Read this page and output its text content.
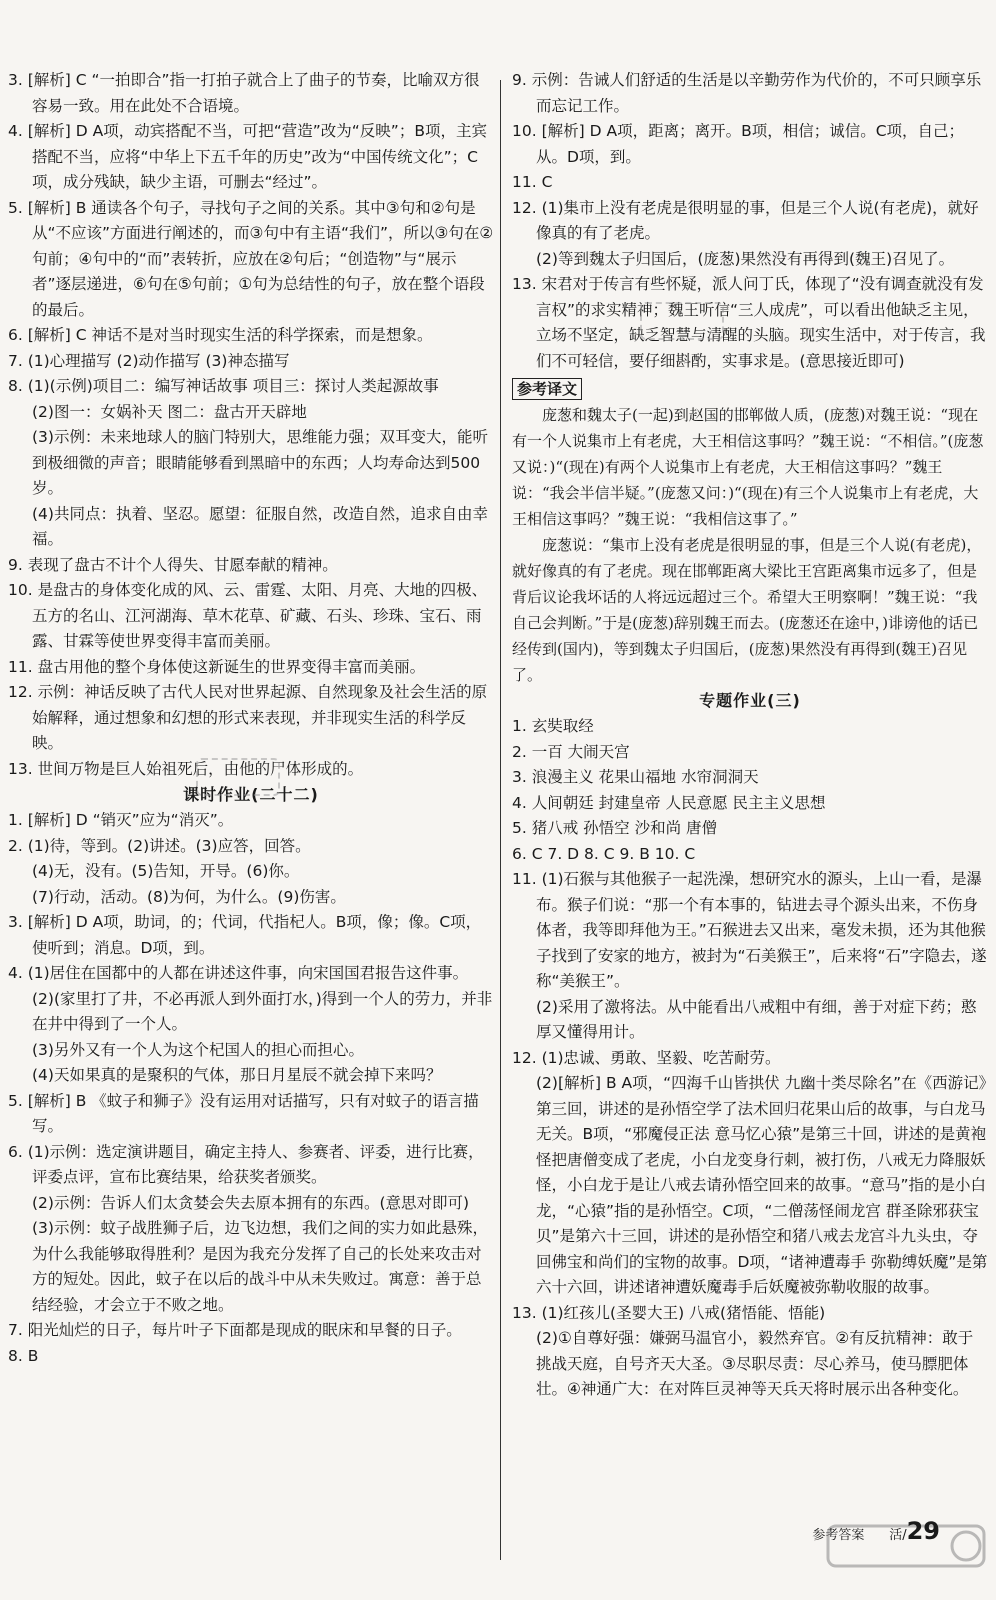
3. [解析] C “一拍即合”指一打拍子就合上了曲子的节奏，比喻双方很容易一致。用在此处不合语境。

4. [解析] D A项，动宾搭配不当，可把“营造”改为“反映”；B项，主宾搭配不当，应将“中华上下五千年的历史”改为“中国传统文化”；C项，成分残缺，缺少主语，可删去“经过”。

5. [解析] B 通读各个句子，寻找句子之间的关系。其中③句和②句是从“不应该”方面进行阐述的，而③句中有主语“我们”，所以③句在②句前；④句中的“而”表转折，应放在②句后；“创造物”与“展示者”逐层递进，⑥句在⑤句前；①句为总结性的句子，放在整个语段的最后。

6. [解析] C 神话不是对当时现实生活的科学探索，而是想象。

7. (1)心理描写 (2)动作描写 (3)神态描写

8. (1)(示例)项目二：编写神话故事 项目三：探讨人类起源故事

(2)图一：女娲补天 图二：盘古开天辟地

(3)示例：未来地球人的脑门特别大，思维能力强；双耳变大，能听到极细微的声音；眼睛能够看到黑暗中的东西；人均寿命达到500岁。

(4)共同点：执着、坚忍。愿望：征服自然，改造自然，追求自由幸福。

9. 表现了盘古不计个人得失、甘愿奉献的精神。

10. 是盘古的身体变化成的风、云、雷霆、太阳、月亮、大地的四极、五方的名山、江河湖海、草木花草、矿藏、石头、珍珠、宝石、雨露、甘霖等使世界变得丰富而美丽。

11. 盘古用他的整个身体使这新诞生的世界变得丰富而美丽。

12. 示例：神话反映了古代人民对世界起源、自然现象及社会生活的原始解释，通过想象和幻想的形式来表现，并非现实生活的科学反映。

13. 世间万物是巨人始祖死后，由他的尸体形成的。

课时作业(二十二)

1. [解析] D “销灭”应为“消灭”。

2. (1)待，等到。(2)讲述。(3)应答，回答。

(4)无，没有。(5)告知，开导。(6)你。

(7)行动，活动。(8)为何，为什么。(9)伤害。

3. [解析] D A项，助词，的；代词，代指杞人。B项，像；像。C项，使听到；消息。D项，到。

4. (1)居住在国都中的人都在讲述这件事，向宋国国君报告这件事。

(2)(家里打了井，不必再派人到外面打水，)得到一个人的劳力，并非在井中得到了一个人。

(3)另外又有一个人为这个杞国人的担心而担心。

(4)天如果真的是聚积的气体，那日月星辰不就会掉下来吗？

5. [解析] B 《蚊子和狮子》没有运用对话描写，只有对蚊子的语言描写。

6. (1)示例：选定演讲题目，确定主持人、参赛者、评委，进行比赛，评委点评，宣布比赛结果，给获奖者颁奖。

(2)示例：告诉人们太贪婪会失去原本拥有的东西。(意思对即可)

(3)示例：蚊子战胜狮子后，边飞边想，我们之间的实力如此悬殊，为什么我能够取得胜利？是因为我充分发挥了自己的长处来攻击对方的短处。因此，蚊子在以后的战斗中从未失败过。寓意：善于总结经验，才会立于不败之地。

7. 阳光灿烂的日子，每片叶子下面都是现成的眠床和早餐的日子。

8. B

9. 示例：告诫人们舒适的生活是以辛勤劳作为代价的，不可只顾享乐而忘记工作。

10. [解析] D A项，距离；离开。B项，相信；诚信。C项，自己；从。D项，到。

11. C

12. (1)集市上没有老虎是很明显的事，但是三个人说(有老虎)，就好像真的有了老虎。

(2)等到魏太子归国后，(庞葱)果然没有再得到(魏王)召见了。

13. 宋君对于传言有些怀疑，派人问丁氏，体现了“没有调查就没有发言权”的求实精神；魏王听信“三人成虎”，可以看出他缺乏主见，立场不坚定，缺乏智慧与清醒的头脑。现实生活中，对于传言，我们不可轻信，要仔细斟酌，实事求是。(意思接近即可)

参考译文

庞葱和魏太子(一起)到赵国的邯郸做人质，(庞葱)对魏王说：“现在有一个人说集市上有老虎，大王相信这事吗？”魏王说：“不相信。”(庞葱又说：)“(现在)有两个人说集市上有老虎，大王相信这事吗？”魏王说：“我会半信半疑。”(庞葱又问：)“(现在)有三个人说集市上有老虎，大王相信这事吗？”魏王说：“我相信这事了。”

庞葱说：“集市上没有老虎是很明显的事，但是三个人说(有老虎)，就好像真的有了老虎。现在邯郸距离大梁比王宫距离集市远多了，但是背后议论我坏话的人将远远超过三个。希望大王明察啊！”魏王说：“我自己会判断。”于是(庞葱)辞别魏王而去。(庞葱还在途中，)诽谤他的话已经传到(国内)，等到魏太子归国后，(庞葱)果然没有再得到(魏王)召见了。

专题作业(三)

1. 玄奘取经

2. 一百 大闹天宫

3. 浪漫主义 花果山福地 水帘洞洞天

4. 人间朝廷 封建皇帝 人民意愿 民主主义思想

5. 猪八戒 孙悟空 沙和尚 唐僧

6. C 7. D 8. C 9. B 10. C

11. (1)石猴与其他猴子一起洗澡，想研究水的源头，上山一看，是瀑布。猴子们说：“那一个有本事的，钻进去寻个源头出来，不伤身体者，我等即拜他为王。”石猴进去又出来，毫发未损，还为其他猴子找到了安家的地方，被封为“石美猴王”，后来将“石”字隐去，遂称“美猴王”。

(2)采用了激将法。从中能看出八戒粗中有细，善于对症下药；憨厚又懂得用计。

12. (1)忠诚、勇敢、坚毅、吃苦耐劳。

(2)[解析] B A项，“四海千山皆拱伏 九幽十类尽除名”在《西游记》第三回，讲述的是孙悟空学了法术回归花果山后的故事，与白龙马无关。B项，“邪魔侵正法 意马忆心猿”是第三十回，讲述的是黄袍怪把唐僧变成了老虎，小白龙变身行刺，被打伤，八戒无力降服妖怪，小白龙于是让八戒去请孙悟空回来的故事。“意马”指的是小白龙，“心猿”指的是孙悟空。C项，“二僧荡怪闹龙宫 群圣除邪获宝贝”是第六十三回，讲述的是孙悟空和猪八戒去龙宫斗九头虫，夺回佛宝和尚们的宝物的故事。D项，“诸神遭毒手 弥勒缚妖魔”是第六十六回，讲述诸神遭妖魔毒手后妖魔被弥勒收服的故事。

13. (1)红孩儿(圣婴大王) 八戒(猪悟能、悟能)

(2)①自尊好强：嫌弼马温官小，毅然弃官。②有反抗精神：敢于挑战天庭，自号齐天大圣。③尽职尽责：尽心养马，使马膘肥体壮。④神通广大：在对阵巨灵神等天兵天将时展示出各种变化。

参考答案 活/29
